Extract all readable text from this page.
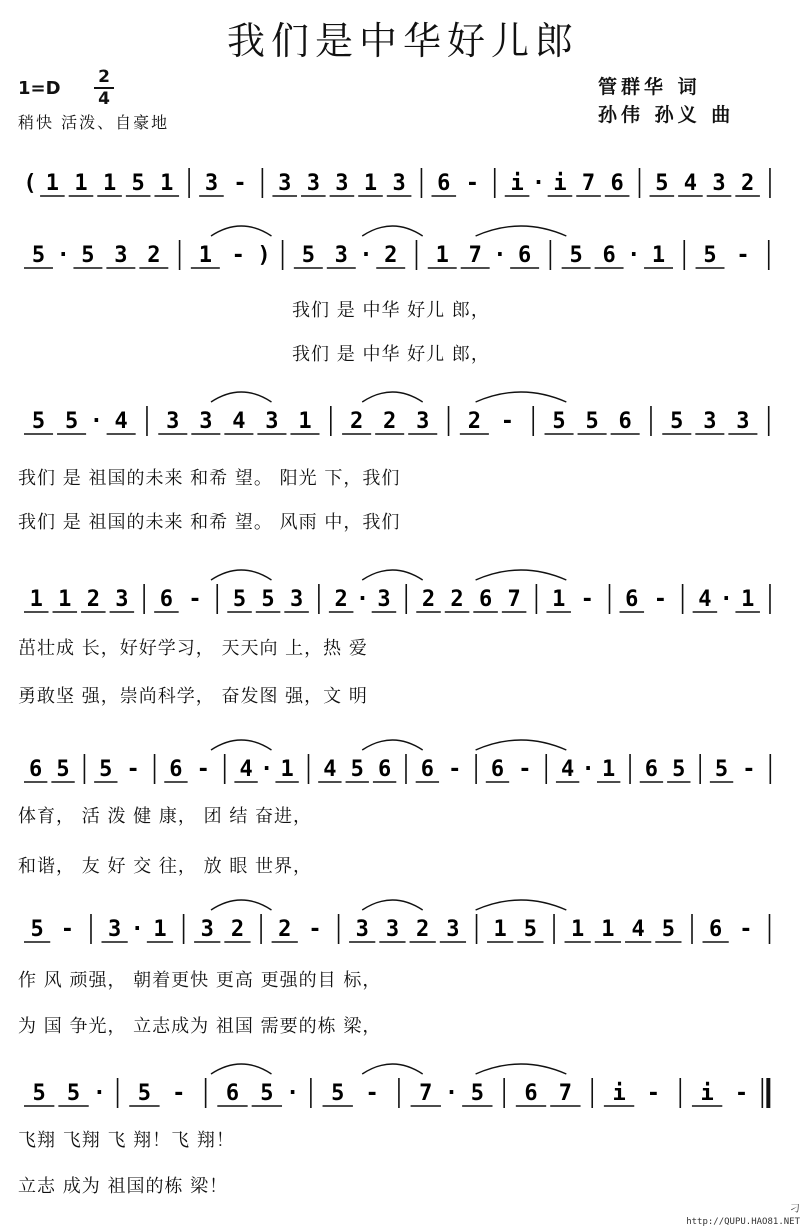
我们是中华好儿郎
1=D
2
4
稍快 活泼、自豪地
管群华 词
孙伟 孙义 曲
( 1 1 1 5 1 3 - 3 3 3 1 3 6 - i · i 7 6 5 4 3 2
5 · 5 3 2 1 - ) 5 3 · 2 1 7 · 6 5 6 · 1 5 -
5 5 · 4 3 3 4 3 1 2 2 3 2 - 5 5 6 5 3 3
1 1 2 3 6 - 5 5 3 2 · 3 2 2 6 7 1 - 6 - 4 · 1
6 5 5 - 6 - 4 · 1 4 5 6 6 - 6 - 4 · 1 6 5 5 -
5 - 3 · 1 3 2 2 - 3 3 2 3 1 5 1 1 4 5 6 -
5 5 · 5 - 6 5 · 5 - 7 · 5 6 7 i - i -
我们 是 中华 好儿 郎，
我们 是 中华 好儿 郎，
我们 是 祖国的未来 和希 望。 阳光 下，我们
我们 是 祖国的未来 和希 望。 风雨 中，我们
茁壮成 长，好好学习， 天天向 上，热 爱
勇敢坚 强，崇尚科学， 奋发图 强，文 明
体育， 活 泼 健 康， 团 结 奋进，
和谐， 友 好 交 往， 放 眼 世界，
作 风 顽强， 朝着更快 更高 更强的目 标，
为 国 争光， 立志成为 祖国 需要的栋 梁，
飞翔 飞翔 飞 翔！飞 翔！
立志 成为 祖国的栋 梁！
刁
http://QUPU.HAO81.NET
